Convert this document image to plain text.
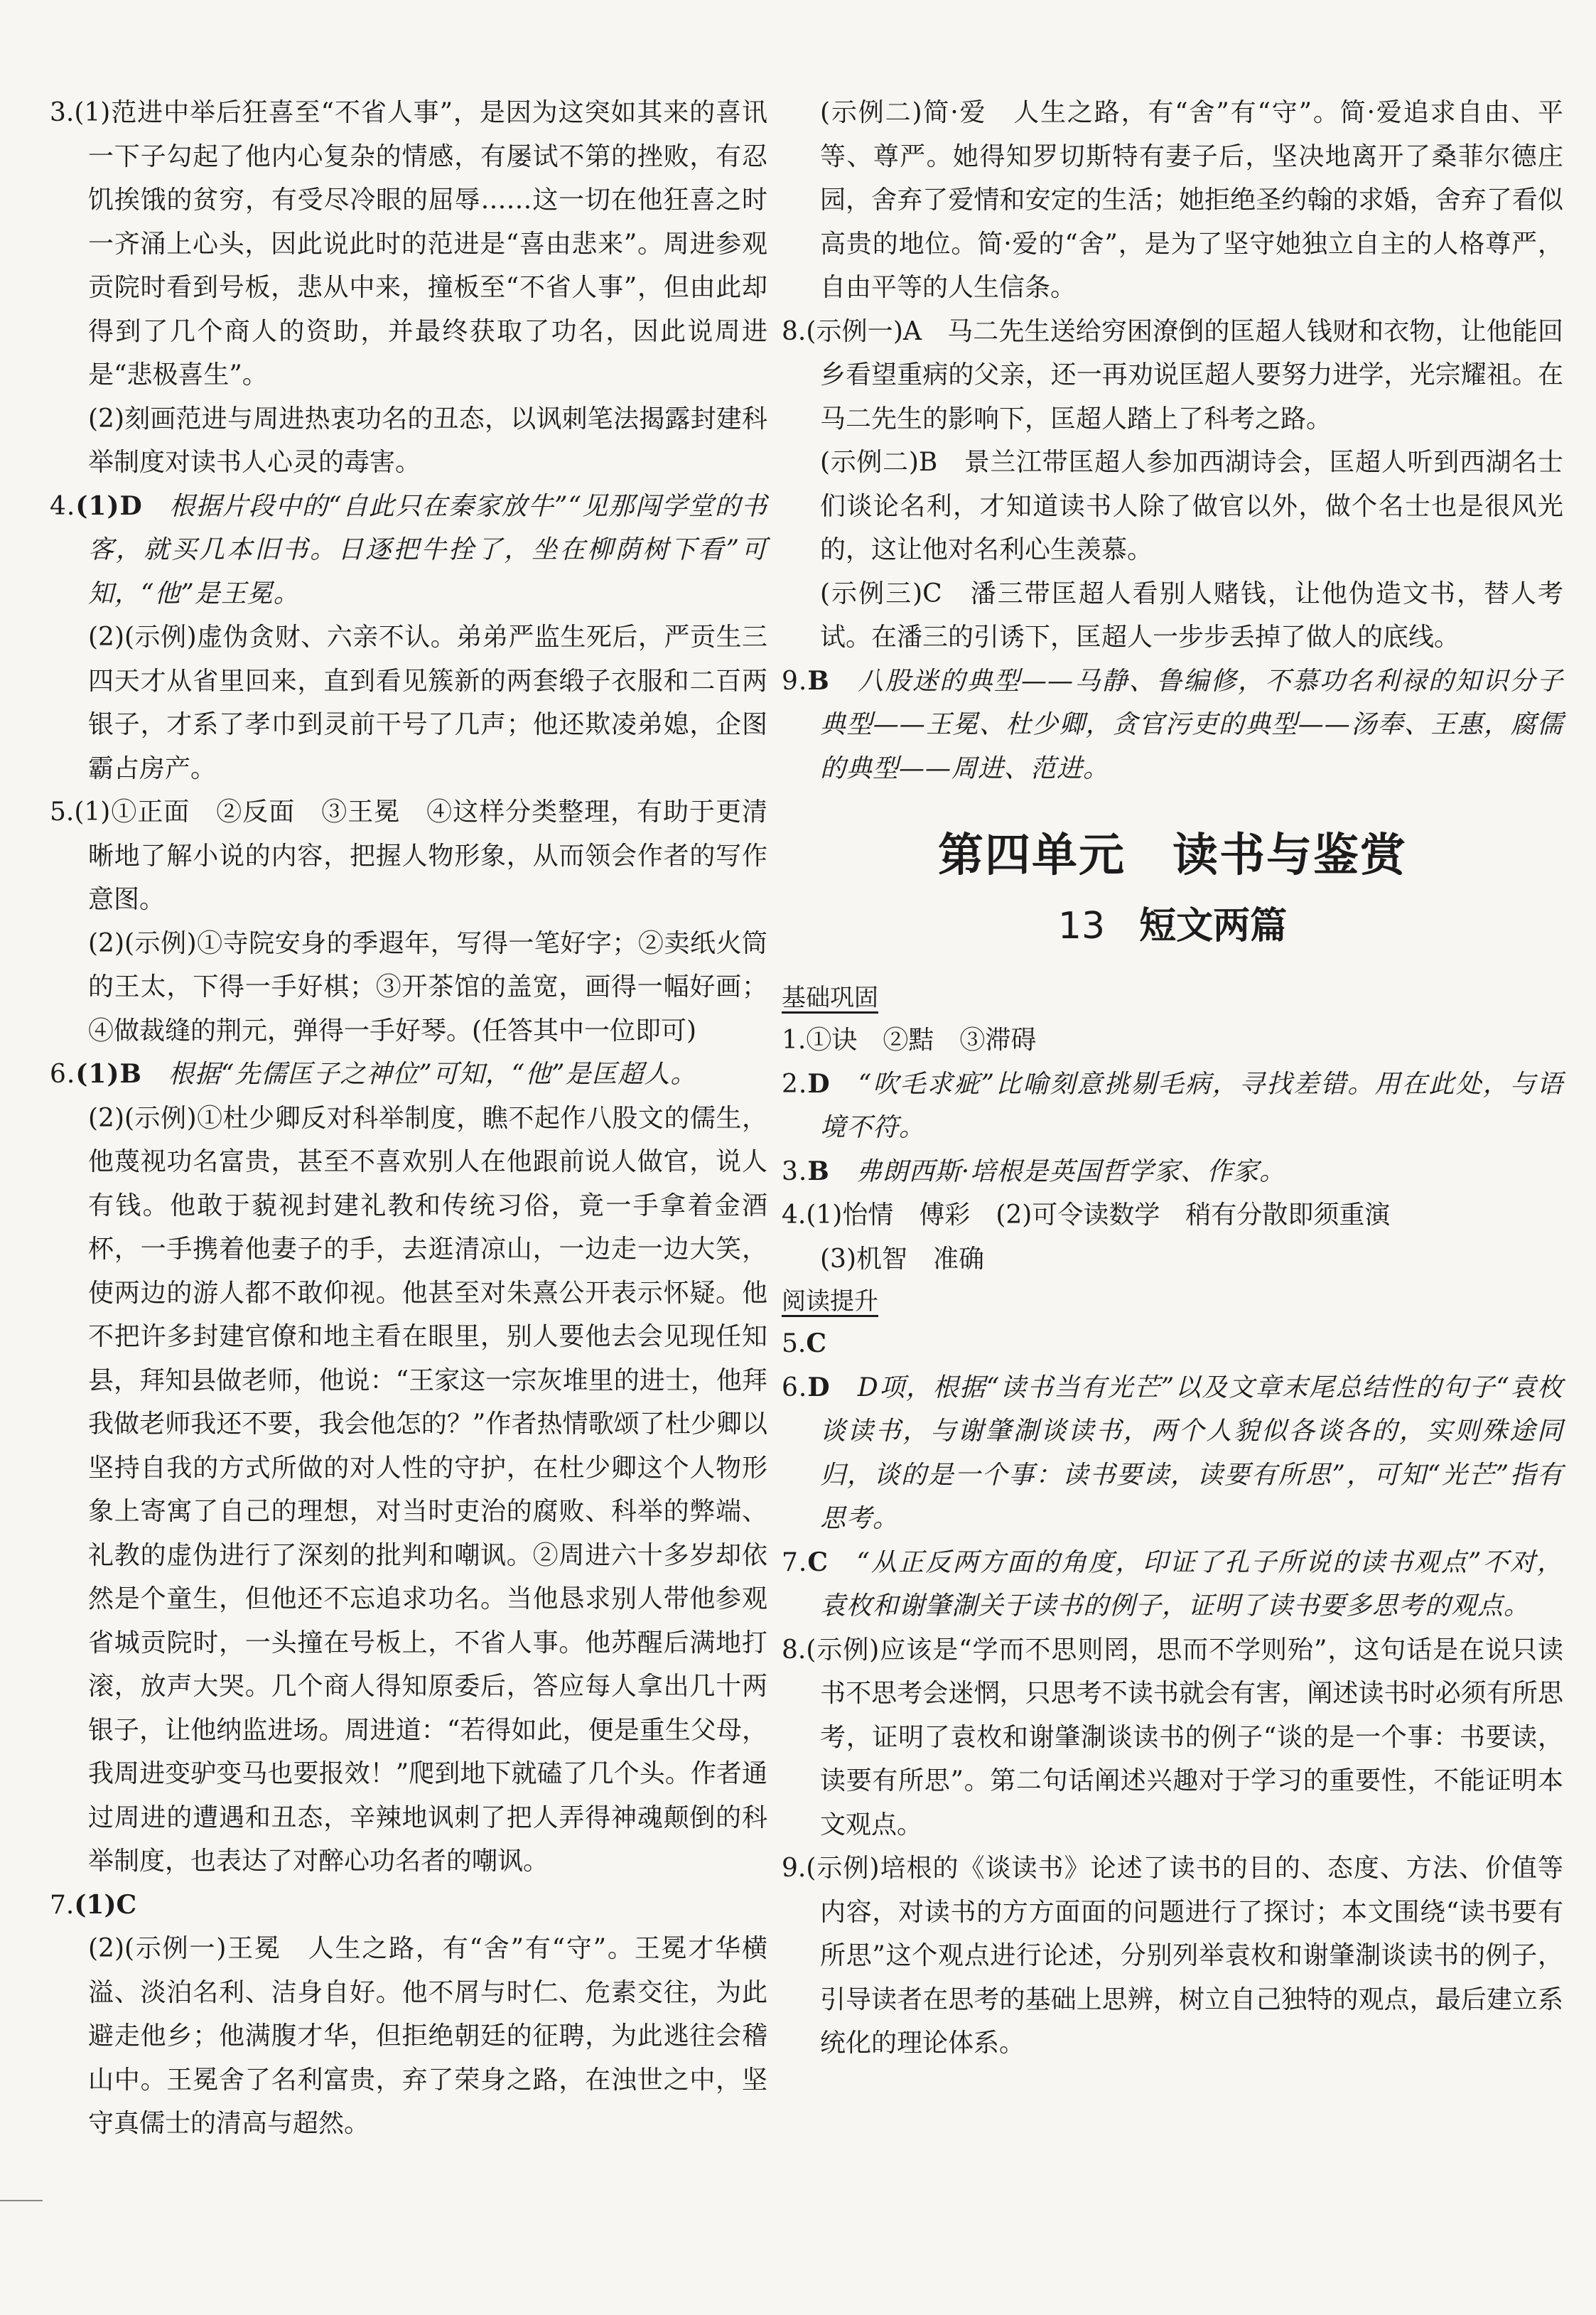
3.(1)范进中举后狂喜至“不省人事”，是因为这突如其来的喜讯一下子勾起了他内心复杂的情感，有屡试不第的挫败，有忍饥挨饿的贫穷，有受尽冷眼的屈辱……这一切在他狂喜之时一齐涌上心头，因此说此时的范进是“喜由悲来”。周进参观贡院时看到号板，悲从中来，撞板至“不省人事”，但由此却得到了几个商人的资助，并最终获取了功名，因此说周进是“悲极喜生”。

(2)刻画范进与周进热衷功名的丑态，以讽刺笔法揭露封建科举制度对读书人心灵的毒害。

4.(1)D　根据片段中的“自此只在秦家放牛”“见那闯学堂的书客，就买几本旧书。日逐把牛拴了，坐在柳荫树下看”可知，“他”是王冕。

(2)(示例)虚伪贪财、六亲不认。弟弟严监生死后，严贡生三四天才从省里回来，直到看见簇新的两套缎子衣服和二百两银子，才系了孝巾到灵前干号了几声；他还欺凌弟媳，企图霸占房产。

5.(1)①正面　②反面　③王冕　④这样分类整理，有助于更清晰地了解小说的内容，把握人物形象，从而领会作者的写作意图。

(2)(示例)①寺院安身的季遐年，写得一笔好字；②卖纸火筒的王太，下得一手好棋；③开茶馆的盖宽，画得一幅好画；④做裁缝的荆元，弹得一手好琴。(任答其中一位即可)

6.(1)B　根据“先儒匡子之神位”可知，“他”是匡超人。

(2)(示例)①杜少卿反对科举制度，瞧不起作八股文的儒生，他蔑视功名富贵，甚至不喜欢别人在他跟前说人做官，说人有钱。他敢于藐视封建礼教和传统习俗，竟一手拿着金酒杯，一手携着他妻子的手，去逛清凉山，一边走一边大笑，使两边的游人都不敢仰视。他甚至对朱熹公开表示怀疑。他不把许多封建官僚和地主看在眼里，别人要他去会见现任知县，拜知县做老师，他说：“王家这一宗灰堆里的进士，他拜我做老师我还不要，我会他怎的？”作者热情歌颂了杜少卿以坚持自我的方式所做的对人性的守护，在杜少卿这个人物形象上寄寓了自己的理想，对当时吏治的腐败、科举的弊端、礼教的虚伪进行了深刻的批判和嘲讽。②周进六十多岁却依然是个童生，但他还不忘追求功名。当他恳求别人带他参观省城贡院时，一头撞在号板上，不省人事。他苏醒后满地打滚，放声大哭。几个商人得知原委后，答应每人拿出几十两银子，让他纳监进场。周进道：“若得如此，便是重生父母，我周进变驴变马也要报效！”爬到地下就磕了几个头。作者通过周进的遭遇和丑态，辛辣地讽刺了把人弄得神魂颠倒的科举制度，也表达了对醉心功名者的嘲讽。

7.(1)C

(2)(示例一)王冕　人生之路，有“舍”有“守”。王冕才华横溢、淡泊名利、洁身自好。他不屑与时仁、危素交往，为此避走他乡；他满腹才华，但拒绝朝廷的征聘，为此逃往会稽山中。王冕舍了名利富贵，弃了荣身之路，在浊世之中，坚守真儒士的清高与超然。

(示例二)简·爱　人生之路，有“舍”有“守”。简·爱追求自由、平等、尊严。她得知罗切斯特有妻子后，坚决地离开了桑菲尔德庄园，舍弃了爱情和安定的生活；她拒绝圣约翰的求婚，舍弃了看似高贵的地位。简·爱的“舍”，是为了坚守她独立自主的人格尊严，自由平等的人生信条。

8.(示例一)A　马二先生送给穷困潦倒的匡超人钱财和衣物，让他能回乡看望重病的父亲，还一再劝说匡超人要努力进学，光宗耀祖。在马二先生的影响下，匡超人踏上了科考之路。

(示例二)B　景兰江带匡超人参加西湖诗会，匡超人听到西湖名士们谈论名利，才知道读书人除了做官以外，做个名士也是很风光的，这让他对名利心生羡慕。

(示例三)C　潘三带匡超人看别人赌钱，让他伪造文书，替人考试。在潘三的引诱下，匡超人一步步丢掉了做人的底线。

9.B　八股迷的典型——马静、鲁编修，不慕功名利禄的知识分子典型——王冕、杜少卿，贪官污吏的典型——汤奉、王惠，腐儒的典型——周进、范进。

第四单元　读书与鉴赏
13 短文两篇
基础巩固

1.①诀　②黠　③滞碍

2.D　“吹毛求疵”比喻刻意挑剔毛病，寻找差错。用在此处，与语境不符。

3.B　弗朗西斯·培根是英国哲学家、作家。

4.(1)怡情　傅彩　(2)可令读数学　稍有分散即须重演

(3)机智　准确

阅读提升

5.C

6.D　D项，根据“读书当有光芒”以及文章末尾总结性的句子“袁枚谈读书，与谢肇淛谈读书，两个人貌似各谈各的，实则殊途同归，谈的是一个事：读书要读，读要有所思”，可知“光芒”指有思考。

7.C　“从正反两方面的角度，印证了孔子所说的读书观点”不对，袁枚和谢肇淛关于读书的例子，证明了读书要多思考的观点。

8.(示例)应该是“学而不思则罔，思而不学则殆”，这句话是在说只读书不思考会迷惘，只思考不读书就会有害，阐述读书时必须有所思考，证明了袁枚和谢肇淛谈读书的例子“谈的是一个事：书要读，读要有所思”。第二句话阐述兴趣对于学习的重要性，不能证明本文观点。

9.(示例)培根的《谈读书》论述了读书的目的、态度、方法、价值等内容，对读书的方方面面的问题进行了探讨；本文围绕“读书要有所思”这个观点进行论述，分别列举袁枚和谢肇淛谈读书的例子，引导读者在思考的基础上思辨，树立自己独特的观点，最后建立系统化的理论体系。
